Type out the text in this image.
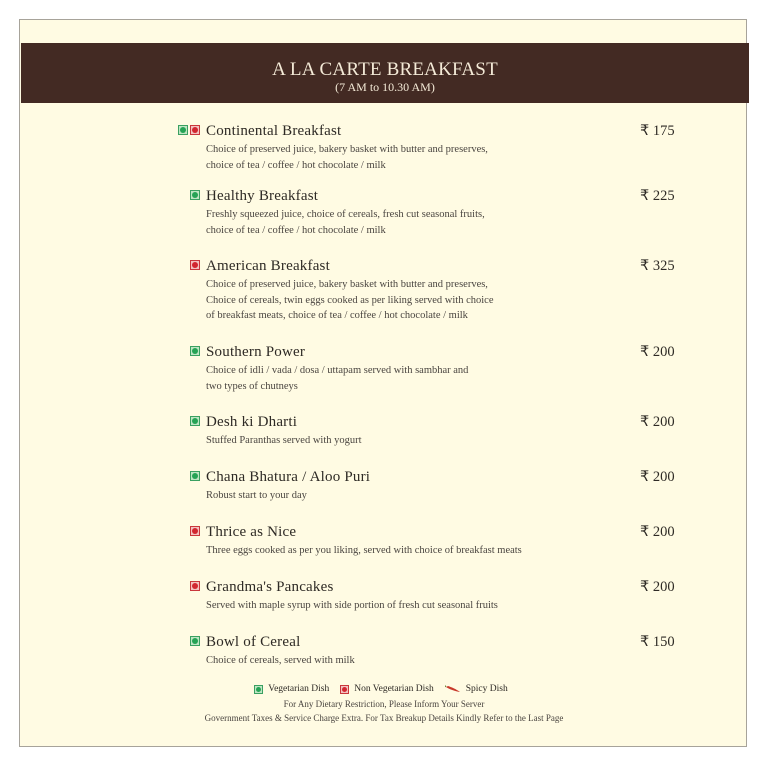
A LA CARTE BREAKFAST
(7 AM to 10.30 AM)
Continental Breakfast
Choice of preserved juice, bakery basket with butter and preserves,
choice of tea / coffee / hot chocolate / milk
₹ 175
Healthy Breakfast
Freshly squeezed juice, choice of cereals, fresh cut seasonal fruits,
choice of tea / coffee / hot chocolate / milk
₹ 225
American Breakfast
Choice of preserved juice, bakery basket with butter and preserves,
Choice of cereals, twin eggs cooked as per liking served with choice
of breakfast meats, choice of tea / coffee / hot chocolate / milk
₹ 325
Southern Power
Choice of idli / vada / dosa / uttapam served with sambhar and
two types of chutneys
₹ 200
Desh ki Dharti
Stuffed Paranthas served with yogurt
₹ 200
Chana Bhatura / Aloo Puri
Robust start to your day
₹ 200
Thrice as Nice
Three eggs cooked as per you liking, served with choice of breakfast meats
₹ 200
Grandma's Pancakes
Served with maple syrup with side portion of fresh cut seasonal fruits
₹ 200
Bowl of Cereal
Choice of cereals, served with milk
₹ 150
Vegetarian Dish	Non Vegetarian Dish	Spicy Dish
For Any Dietary Restriction, Please Inform Your Server
Government Taxes & Service Charge Extra. For Tax Breakup Details Kindly Refer to the Last Page
